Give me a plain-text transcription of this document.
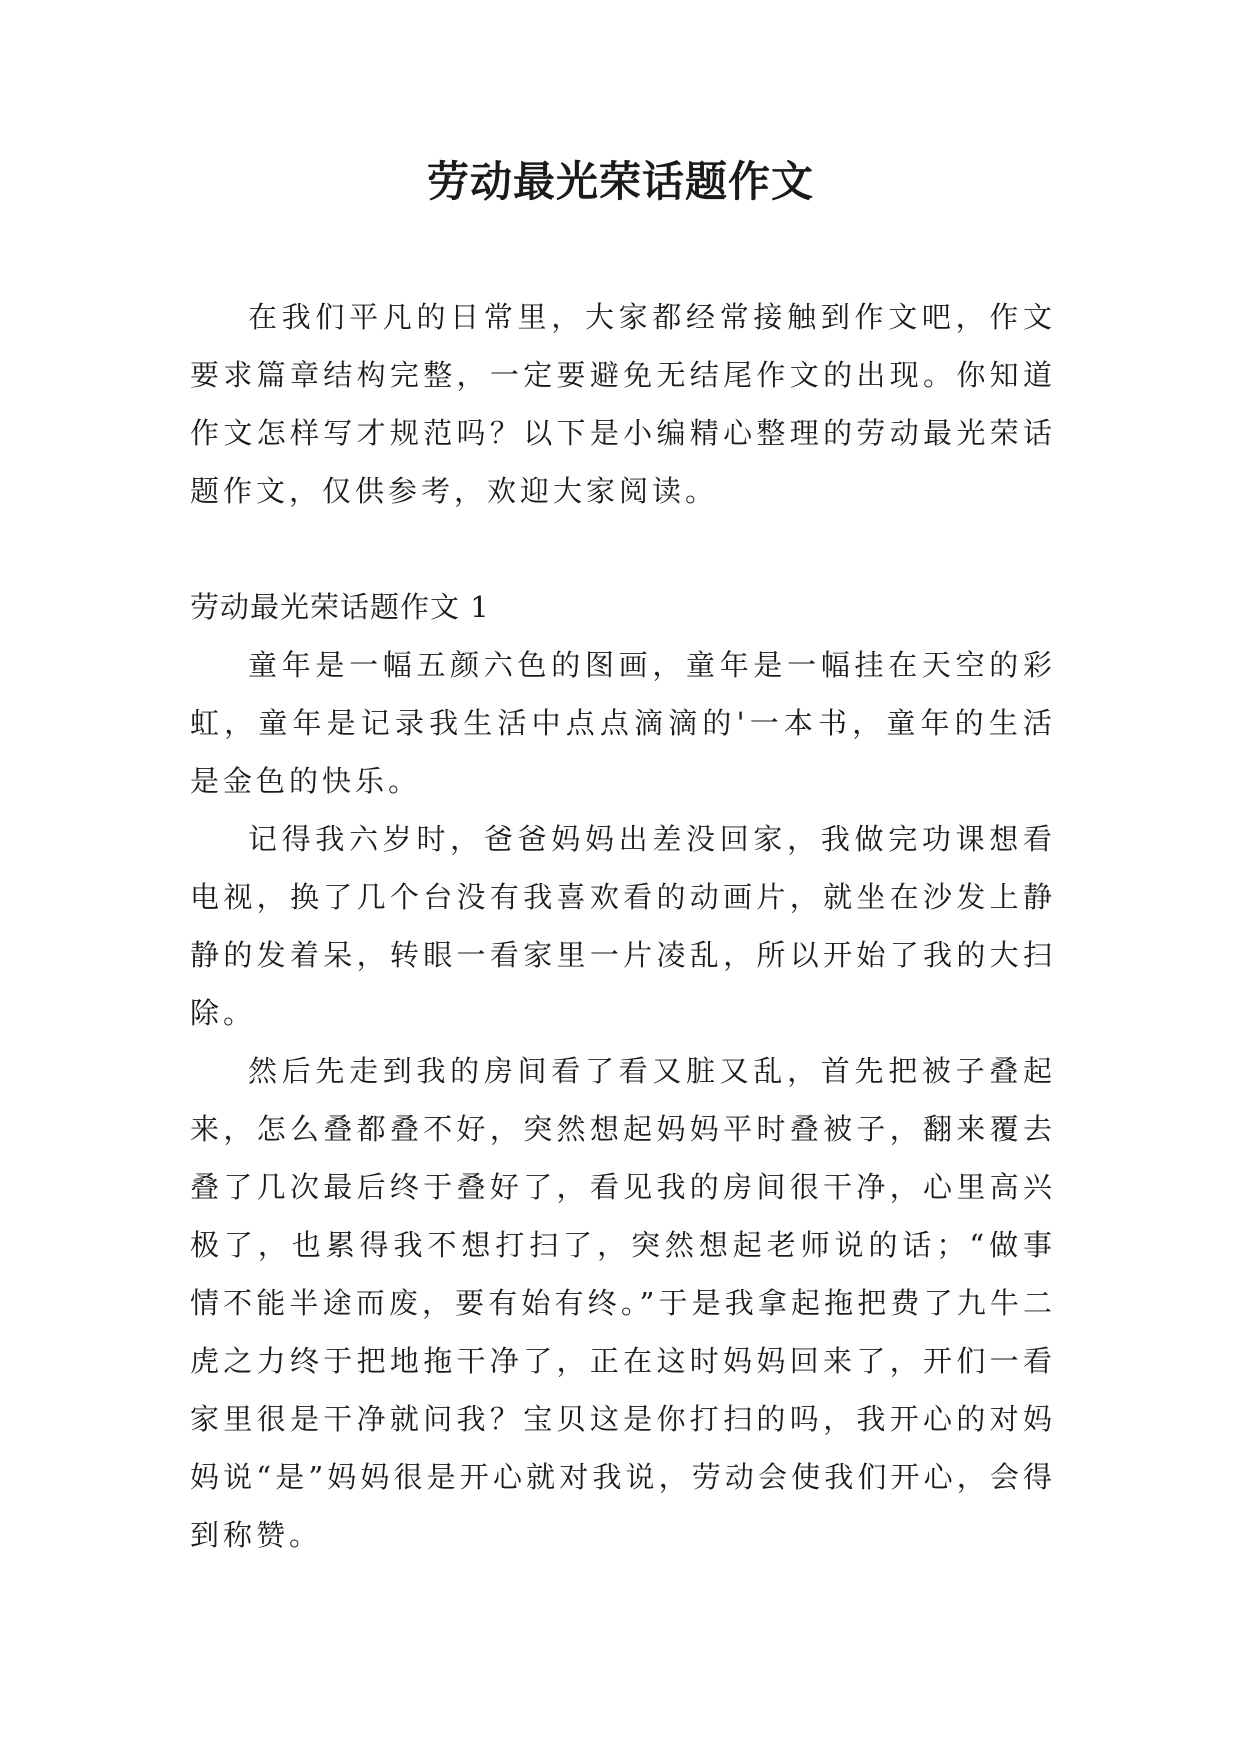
劳动最光荣话题作文

在我们平凡的日常里，大家都经常接触到作文吧，作文要求篇章结构完整，一定要避免无结尾作文的出现。你知道作文怎样写才规范吗？以下是小编精心整理的劳动最光荣话题作文，仅供参考，欢迎大家阅读。

劳动最光荣话题作文 1

童年是一幅五颜六色的图画，童年是一幅挂在天空的彩虹，童年是记录我生活中点点滴滴的'一本书，童年的生活是金色的快乐。

记得我六岁时，爸爸妈妈出差没回家，我做完功课想看电视，换了几个台没有我喜欢看的动画片，就坐在沙发上静静的发着呆，转眼一看家里一片凌乱，所以开始了我的大扫除。

然后先走到我的房间看了看又脏又乱，首先把被子叠起来，怎么叠都叠不好，突然想起妈妈平时叠被子，翻来覆去叠了几次最后终于叠好了，看见我的房间很干净，心里高兴极了，也累得我不想打扫了，突然想起老师说的话；“做事情不能半途而废，要有始有终。”于是我拿起拖把费了九牛二虎之力终于把地拖干净了，正在这时妈妈回来了，开们一看家里很是干净就问我？宝贝这是你打扫的吗，我开心的对妈妈说“是”妈妈很是开心就对我说，劳动会使我们开心，会得到称赞。
